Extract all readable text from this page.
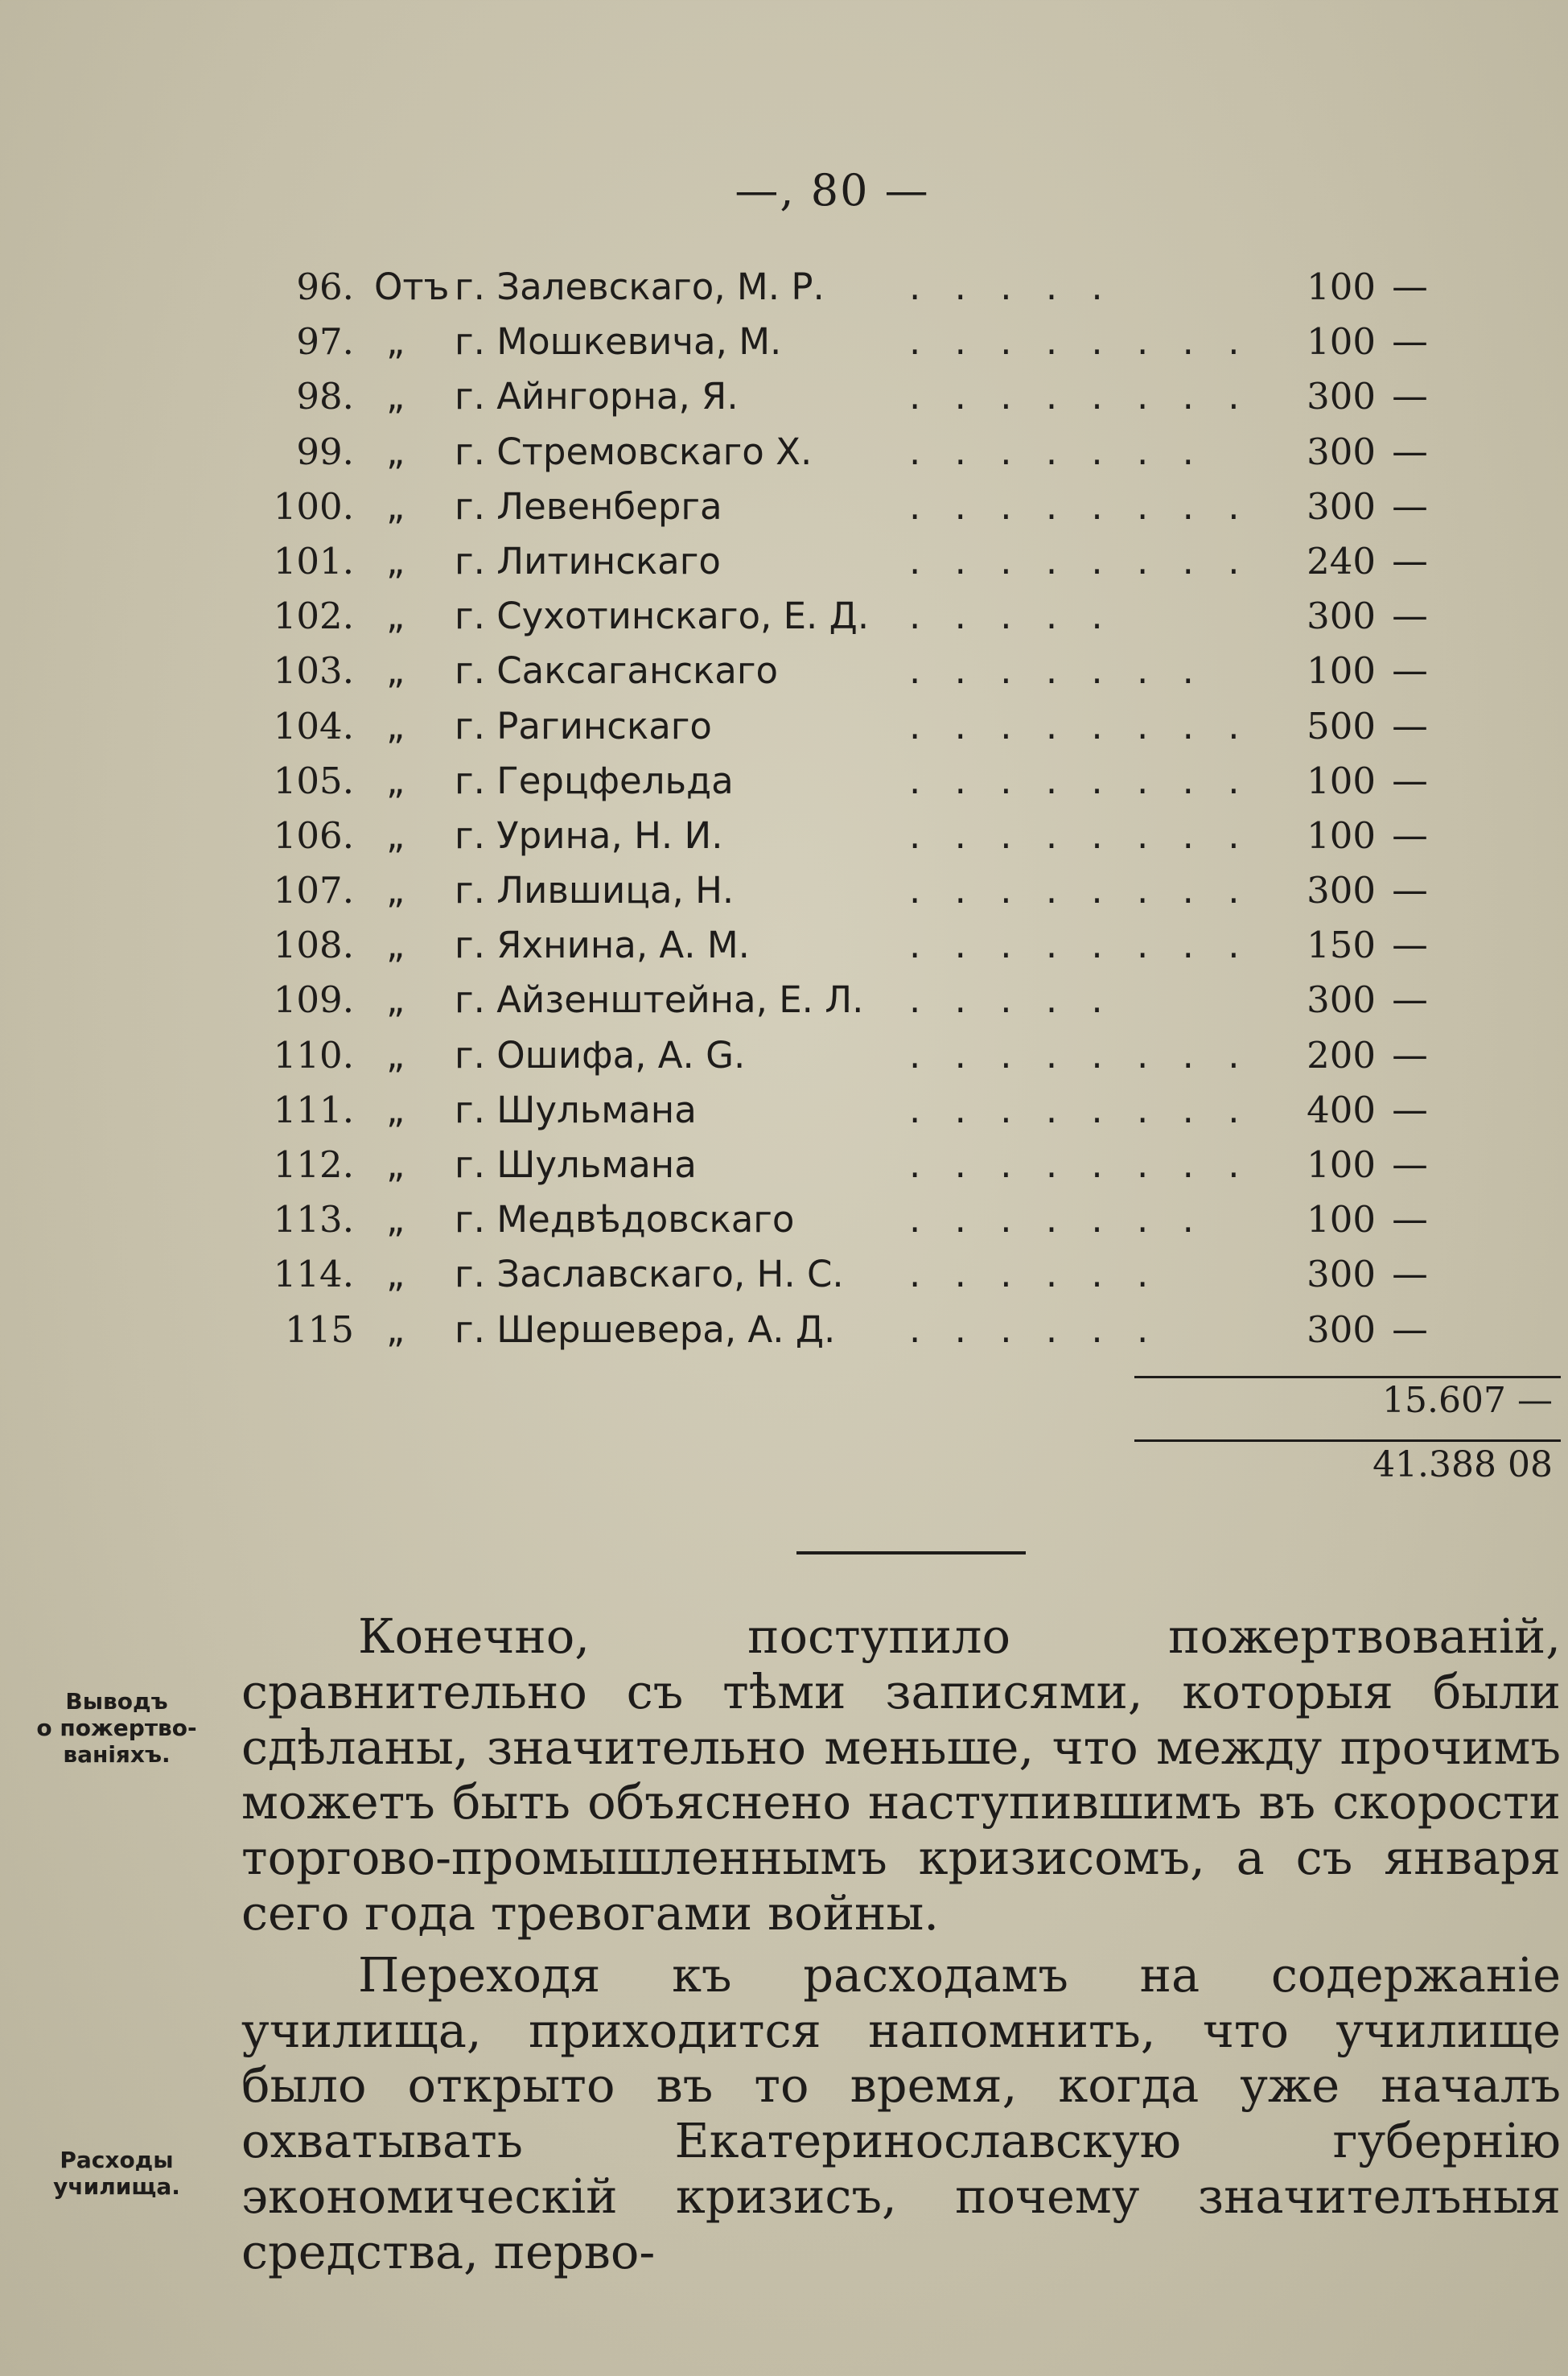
—, 80 —
96. Отъ г. Залевскаго, М. Р. . . . . .	100 —
97. „ г. Мошкевича, М.	. . . . . . . .	100 —
98. „ г. Айнгорна, Я.	. . . . . . . .	300 —
99. „ г. Стремовскаго Х.	. . . . . . .	300 —
100. „ г. Левенберга	. . . . . . . .	300 —
101. „ г. Литинскаго	. . . . . . . .	240 —
102. „ г. Сухотинскаго, Е. Д. . . . . .	300 —
103. „ г. Саксаганскаго	. . . . . . .	100 —
104. „ г. Рагинскаго	. . . . . . . .	500 —
105. „ г. Герцфельда	. . . . . . . .	100 —
106. „ г. Урина, Н. И.	. . . . . . . .	100 —
107. „ г. Лившица, Н.	. . . . . . . .	300 —
108. „ г. Яхнина, А. М.	. . . . . . . .	150 —
109. „ г. Айзенштейна, Е. Л. . . . . .	300 —
110. „ г. Ошифа, А. G.	. . . . . . . .	200 —
111. „ г. Шульмана	. . . . . . . .	400 —
112. „ г. Шульмана	. . . . . . . .	100 —
113. „ г. Медвѣдовскаго	. . . . . . .	100 —
114. „ г. Заславскаго, Н. С. . . . . . .	300 —
115 „ г. Шершевера, А. Д. . . . . . .	300 —
15.607 —
41.388 08
Выводъ
о пожертво-
ваніяхъ.
Расходы
училища.

Конечно, поступило пожертвованій, сравнительно съ тѣми записями, которыя были сдѣланы, значительно меньше, что между прочимъ можетъ быть объяснено наступившимъ въ скорости торгово-промышленнымъ кризисомъ, а съ января сего года тревогами войны.

Переходя къ расходамъ на содержаніе училища, приходится напомнить, что училище было открыто въ то время, когда уже началъ охватывать Екатеринославскую губернію экономическій кризисъ, почему значителъныя средства, перво-
